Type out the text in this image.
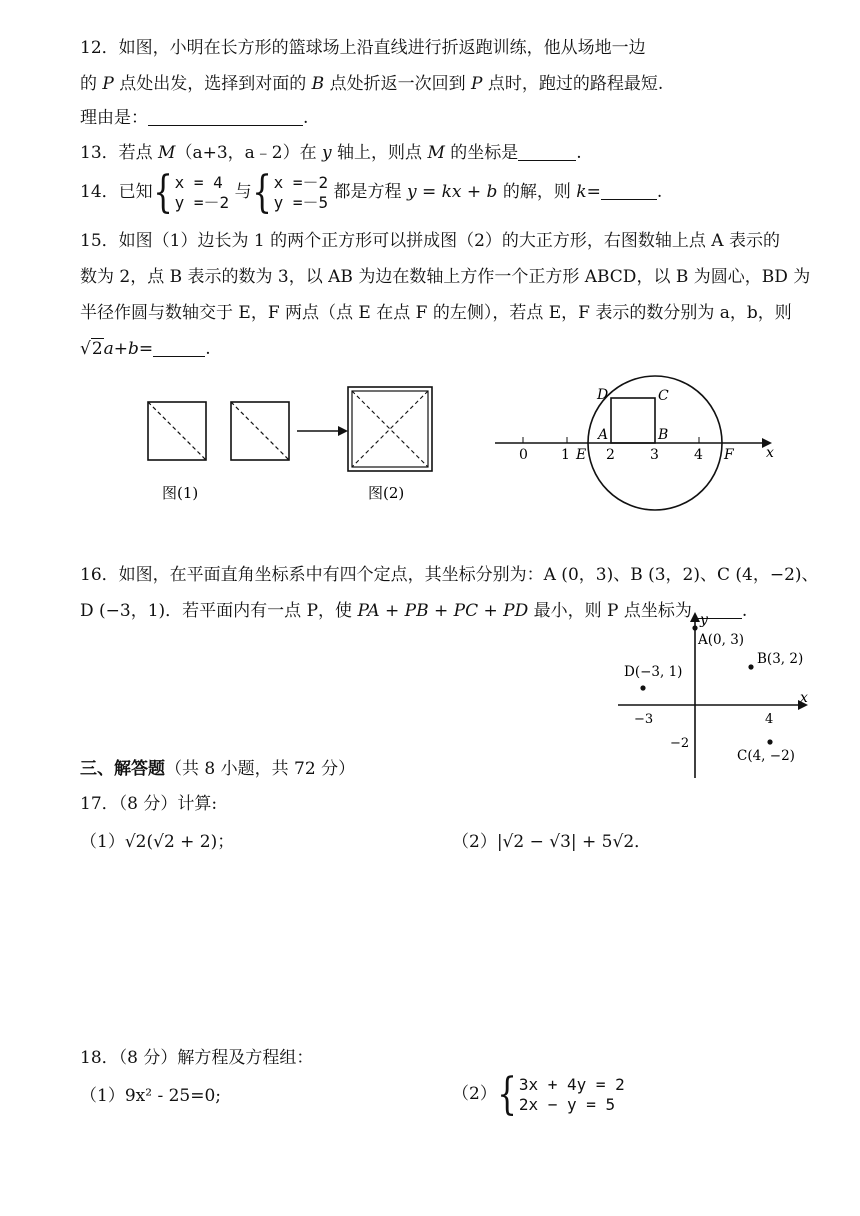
12．如图，小明在长方形的篮球场上沿直线进行折返跑训练，他从场地一边
的 P 点处出发，选择到对面的 B 点处折返一次回到 P 点时，跑过的路程最短.
理由是：	.
13．若点 M（a+3，a﹣2）在 y 轴上，则点 M 的坐标是	.
14．已知{ x = 4
y =－2 与{ x =－2
y =－5 都是方程 y = kx + b 的解，则 k=	.
15．如图（1）边长为 1 的两个正方形可以拼成图（2）的大正方形，右图数轴上点 A 表示的
数为 2，点 B 表示的数为 3，以 AB 为边在数轴上方作一个正方形 ABCD，以 B 为圆心，BD 为
半径作圆与数轴交于 E，F 两点（点 E 在点 F 的左侧），若点 E，F 表示的数分别为 a，b，则
√2a+b=	.
图(1)	图(2)
0 1	2	3	4
A	B
C
D
E	F x
16．如图，在平面直角坐标系中有四个定点，其坐标分别为：A (0，3)、B (3，2)、C (4，−2)、
D (−3，1)．若平面内有一点 P，使 PA + PB + PC + PD 最小，则 P 点坐标为	.
x
y
A(0, 3)
B(3, 2)
C(4, −2)
D(−3, 1)
−3	4
−2
三、解答题（共 8 小题，共 72 分）
17．（8 分）计算:
（1）√2(√2 + 2)；	（2）|√2 − √3| + 5√2．
18．（8 分）解方程及方程组：
（1）9x² - 25=0;	（2）{ 3x + 4y = 2
2x − y = 5
